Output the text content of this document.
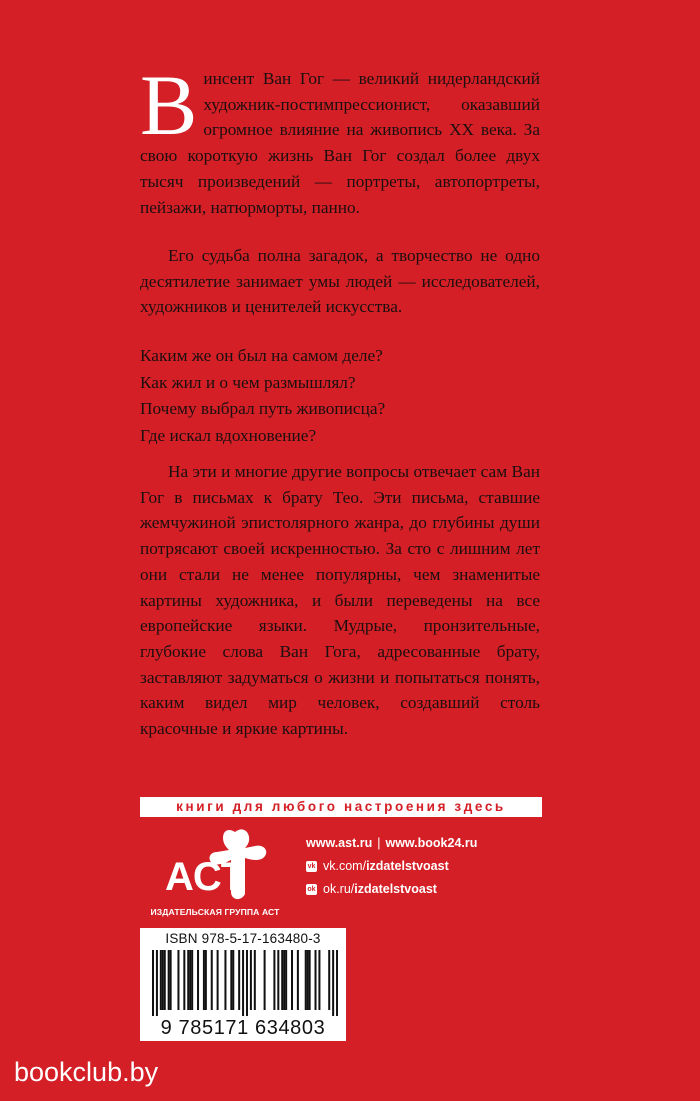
Винсент Ван Гог — великий нидерландский художник-постимпрессионист, оказавший огромное влияние на живопись XX века. За свою короткую жизнь Ван Гог создал более двух тысяч произведений — портреты, автопортреты, пейзажи, натюрморты, панно.

Его судьба полна загадок, а творчество не одно десятилетие занимает умы людей — исследователей, художников и ценителей искусства.

Каким же он был на самом деле?

Как жил и о чем размышлял?

Почему выбрал путь живописца?

Где искал вдохновение?

На эти и многие другие вопросы отвечает сам Ван Гог в письмах к брату Тео. Эти письма, ставшие жемчужиной эпистолярного жанра, до глубины души потрясают своей искренностью. За сто с лишним лет они стали не менее популярны, чем знаменитые картины художника, и были переведены на все европейские языки. Мудрые, пронзительные, глубокие слова Ван Гога, адресованные брату, заставляют задуматься о жизни и попытаться понять, каким видел мир человек, создавший столь красочные и яркие картины.

книги для любого настроения здесь
АСТ
ИЗДАТЕЛЬСКАЯ ГРУППА АСТ
www.ast.ru | www.book24.ru
vk vk.com/ izdatelstvoast
ok ok.ru/ izdatelstvoast
ISBN 978-5-17-163480-3
9 785171 634803
bookclub.by
